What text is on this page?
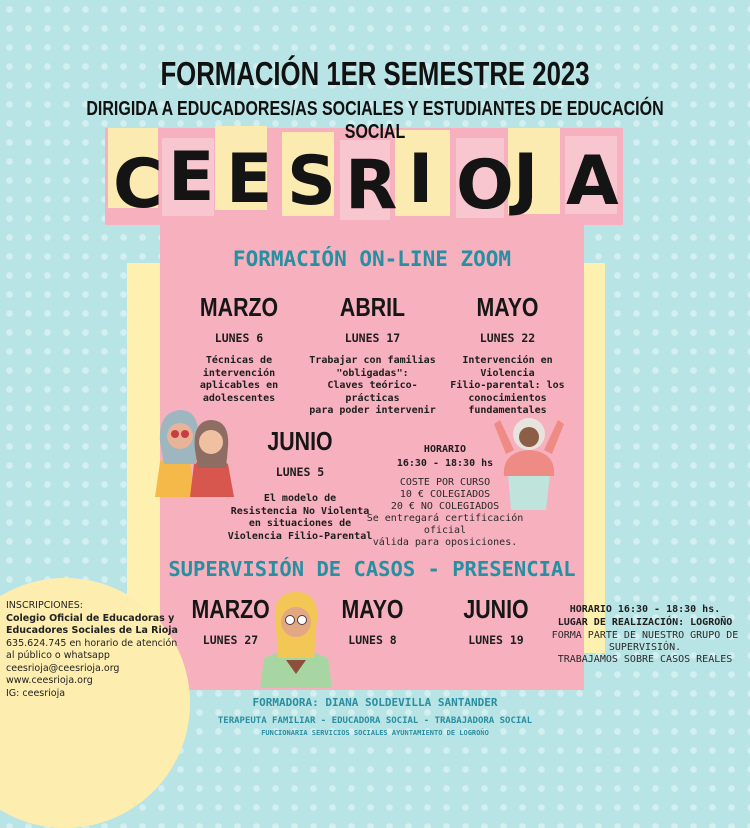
C E E S R I O J A
FORMACIÓN 1ER SEMESTRE 2023
DIRIGIDA A EDUCADORES/AS SOCIALES Y ESTUDIANTES DE EDUCACIÓN SOCIAL
FORMACIÓN ON-LINE ZOOM
MARZO
LUNES 6
Técnicas de
intervención
aplicables en
adolescentes
ABRIL
LUNES 17
Trabajar con familias
"obligadas":
Claves teórico-prácticas
para poder intervenir
MAYO
LUNES 22
Intervención en
Violencia
Filio-parental: los
conocimientos
fundamentales
JUNIO
LUNES 5
El modelo de
Resistencia No Violenta
en situaciones de
Violencia Filio-Parental
HORARIO
16:30 - 18:30 hs
COSTE POR CURSO
10 € COLEGIADOS
20 € NO COLEGIADOS
Se entregará certificación oficial
válida para oposiciones.
SUPERVISIÓN DE CASOS - PRESENCIAL
MARZO
LUNES 27
MAYO
LUNES 8
JUNIO
LUNES 19
HORARIO 16:30 - 18:30 hs.
LUGAR DE REALIZACIÓN: LOGROÑO
FORMA PARTE DE NUESTRO GRUPO DE
SUPERVISIÓN.
TRABAJAMOS SOBRE CASOS REALES
INSCRIPCIONES:
Colegio Oficial de Educadoras y
Educadores Sociales de La Rioja
635.624.745 en horario de atención
al público o whatsapp
ceesrioja@ceesrioja.org
www.ceesrioja.org
IG: ceesrioja
FORMADORA: DIANA SOLDEVILLA SANTANDER
TERAPEUTA FAMILIAR - EDUCADORA SOCIAL - TRABAJADORA SOCIAL
FUNCIONARIA SERVICIOS SOCIALES AYUNTAMIENTO DE LOGROÑO
